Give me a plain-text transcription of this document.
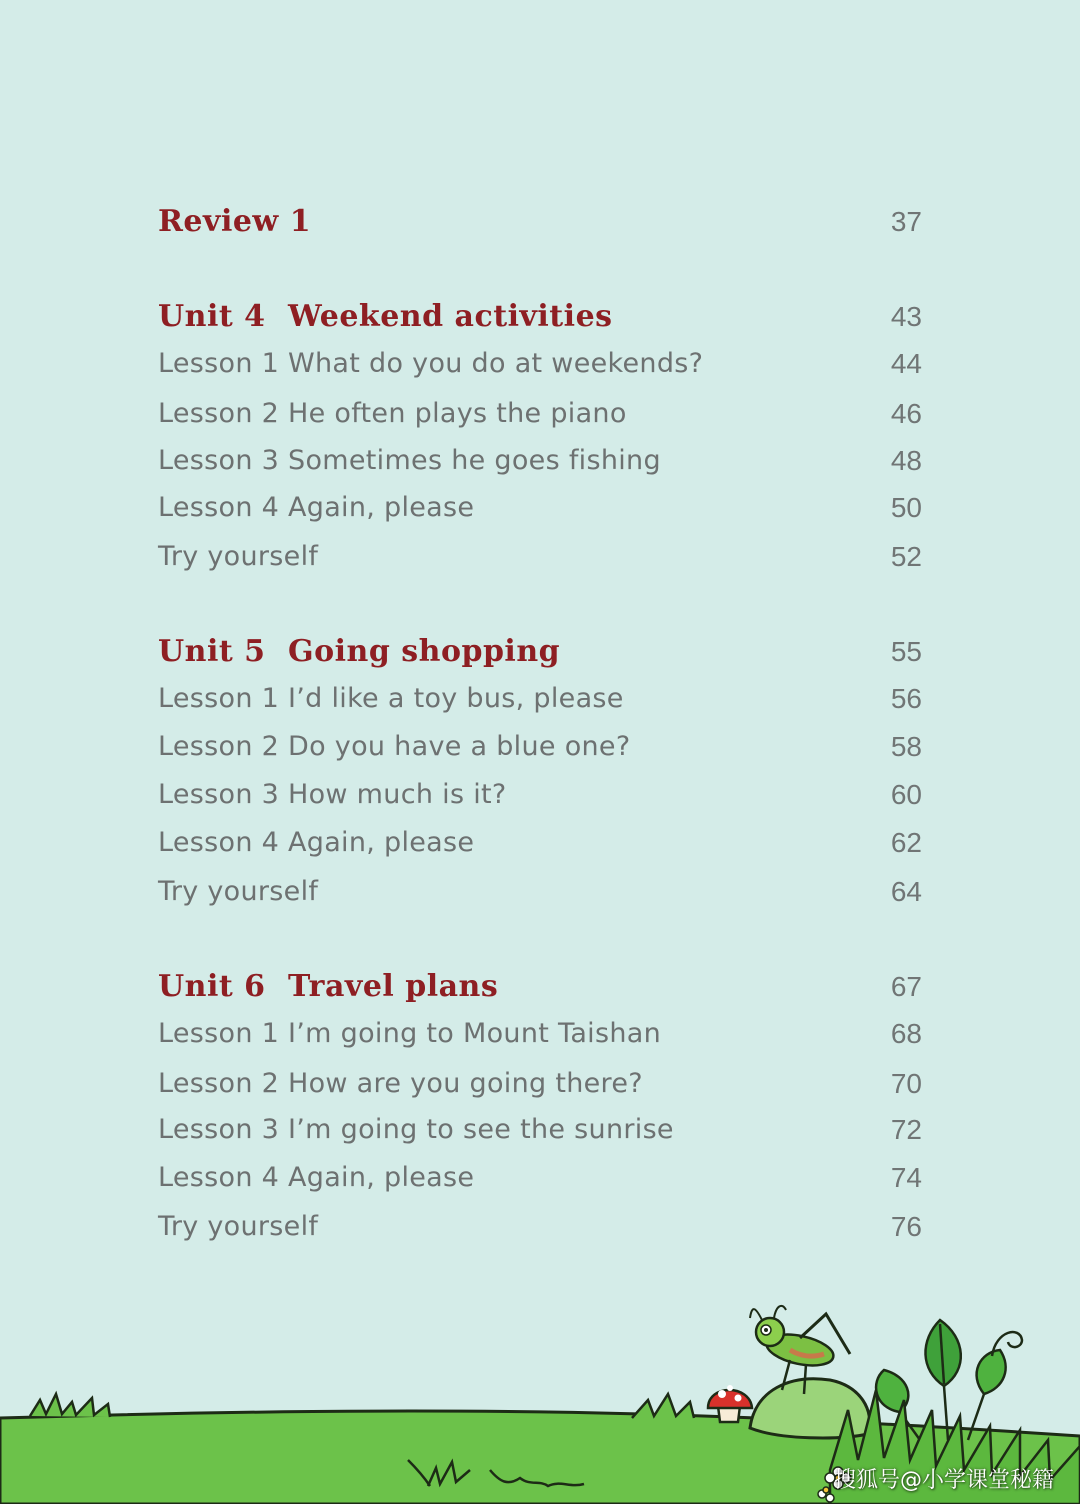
Review 1	37
Unit 4 Weekend activities	43
Lesson 1 What do you do at weekends?	44
Lesson 2 He often plays the piano	46
Lesson 3 Sometimes he goes fishing	48
Lesson 4 Again, please	50
Try yourself	52
Unit 5 Going shopping	55
Lesson 1 I’d like a toy bus, please	56
Lesson 2 Do you have a blue one?	58
Lesson 3 How much is it?	60
Lesson 4 Again, please	62
Try yourself	64
Unit 6 Travel plans	67
Lesson 1 I’m going to Mount Taishan	68
Lesson 2 How are you going there?	70
Lesson 3 I’m going to see the sunrise	72
Lesson 4 Again, please	74
Try yourself	76
搜狐号@小学课堂秘籍
